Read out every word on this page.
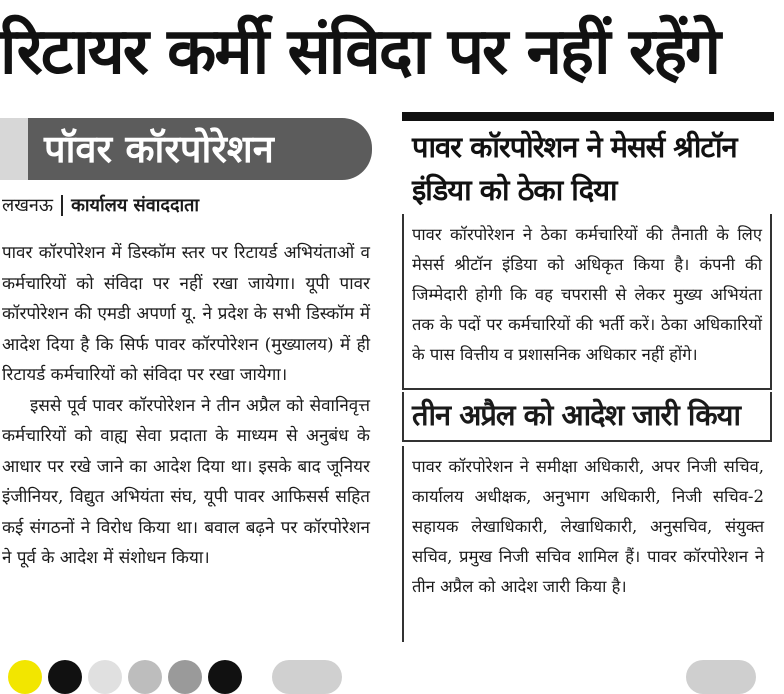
रिटायर कर्मी संविदा पर नहीं रहेंगे
पॉवर कॉरपोरेशन
लखनऊ कार्यालय संवाददाता

पावर कॉरपोरेशन में डिस्कॉम स्तर पर रिटायर्ड अभियंताओं व कर्मचारियों को संविदा पर नहीं रखा जायेगा। यूपी पावर कॉरपोरेशन की एमडी अपर्णा यू. ने प्रदेश के सभी डिस्कॉम में आदेश दिया है कि सिर्फ पावर कॉरपोरेशन (मुख्यालय) में ही रिटायर्ड कर्मचारियों को संविदा पर रखा जायेगा।

इससे पूर्व पावर कॉरपोरेशन ने तीन अप्रैल को सेवानिवृत्त कर्मचारियों को वाह्य सेवा प्रदाता के माध्यम से अनुबंध के आधार पर रखे जाने का आदेश दिया था। इसके बाद जूनियर इंजीनियर, विद्युत अभियंता संघ, यूपी पावर आफिसर्स सहित कई संगठनों ने विरोध किया था। बवाल बढ़ने पर कॉरपोरेशन ने पूर्व के आदेश में संशोधन किया।

पावर कॉरपोरेशन ने मेसर्स श्रीटॉन इंडिया को ठेका दिया

पावर कॉरपोरेशन ने ठेका कर्मचारियों की तैनाती के लिए मेसर्स श्रीटॉन इंडिया को अधिकृत किया है। कंपनी की जिम्मेदारी होगी कि वह चपरासी से लेकर मुख्य अभियंता तक के पदों पर कर्मचारियों की भर्ती करें। ठेका अधिकारियों के पास वित्तीय व प्रशासनिक अधिकार नहीं होंगे।

तीन अप्रैल को आदेश जारी किया

पावर कॉरपोरेशन ने समीक्षा अधिकारी, अपर निजी सचिव, कार्यालय अधीक्षक, अनुभाग अधिकारी, निजी सचिव-2 सहायक लेखाधिकारी, लेखाधिकारी, अनुसचिव, संयुक्त सचिव, प्रमुख निजी सचिव शामिल हैं। पावर कॉरपोरेशन ने तीन अप्रैल को आदेश जारी किया है।
